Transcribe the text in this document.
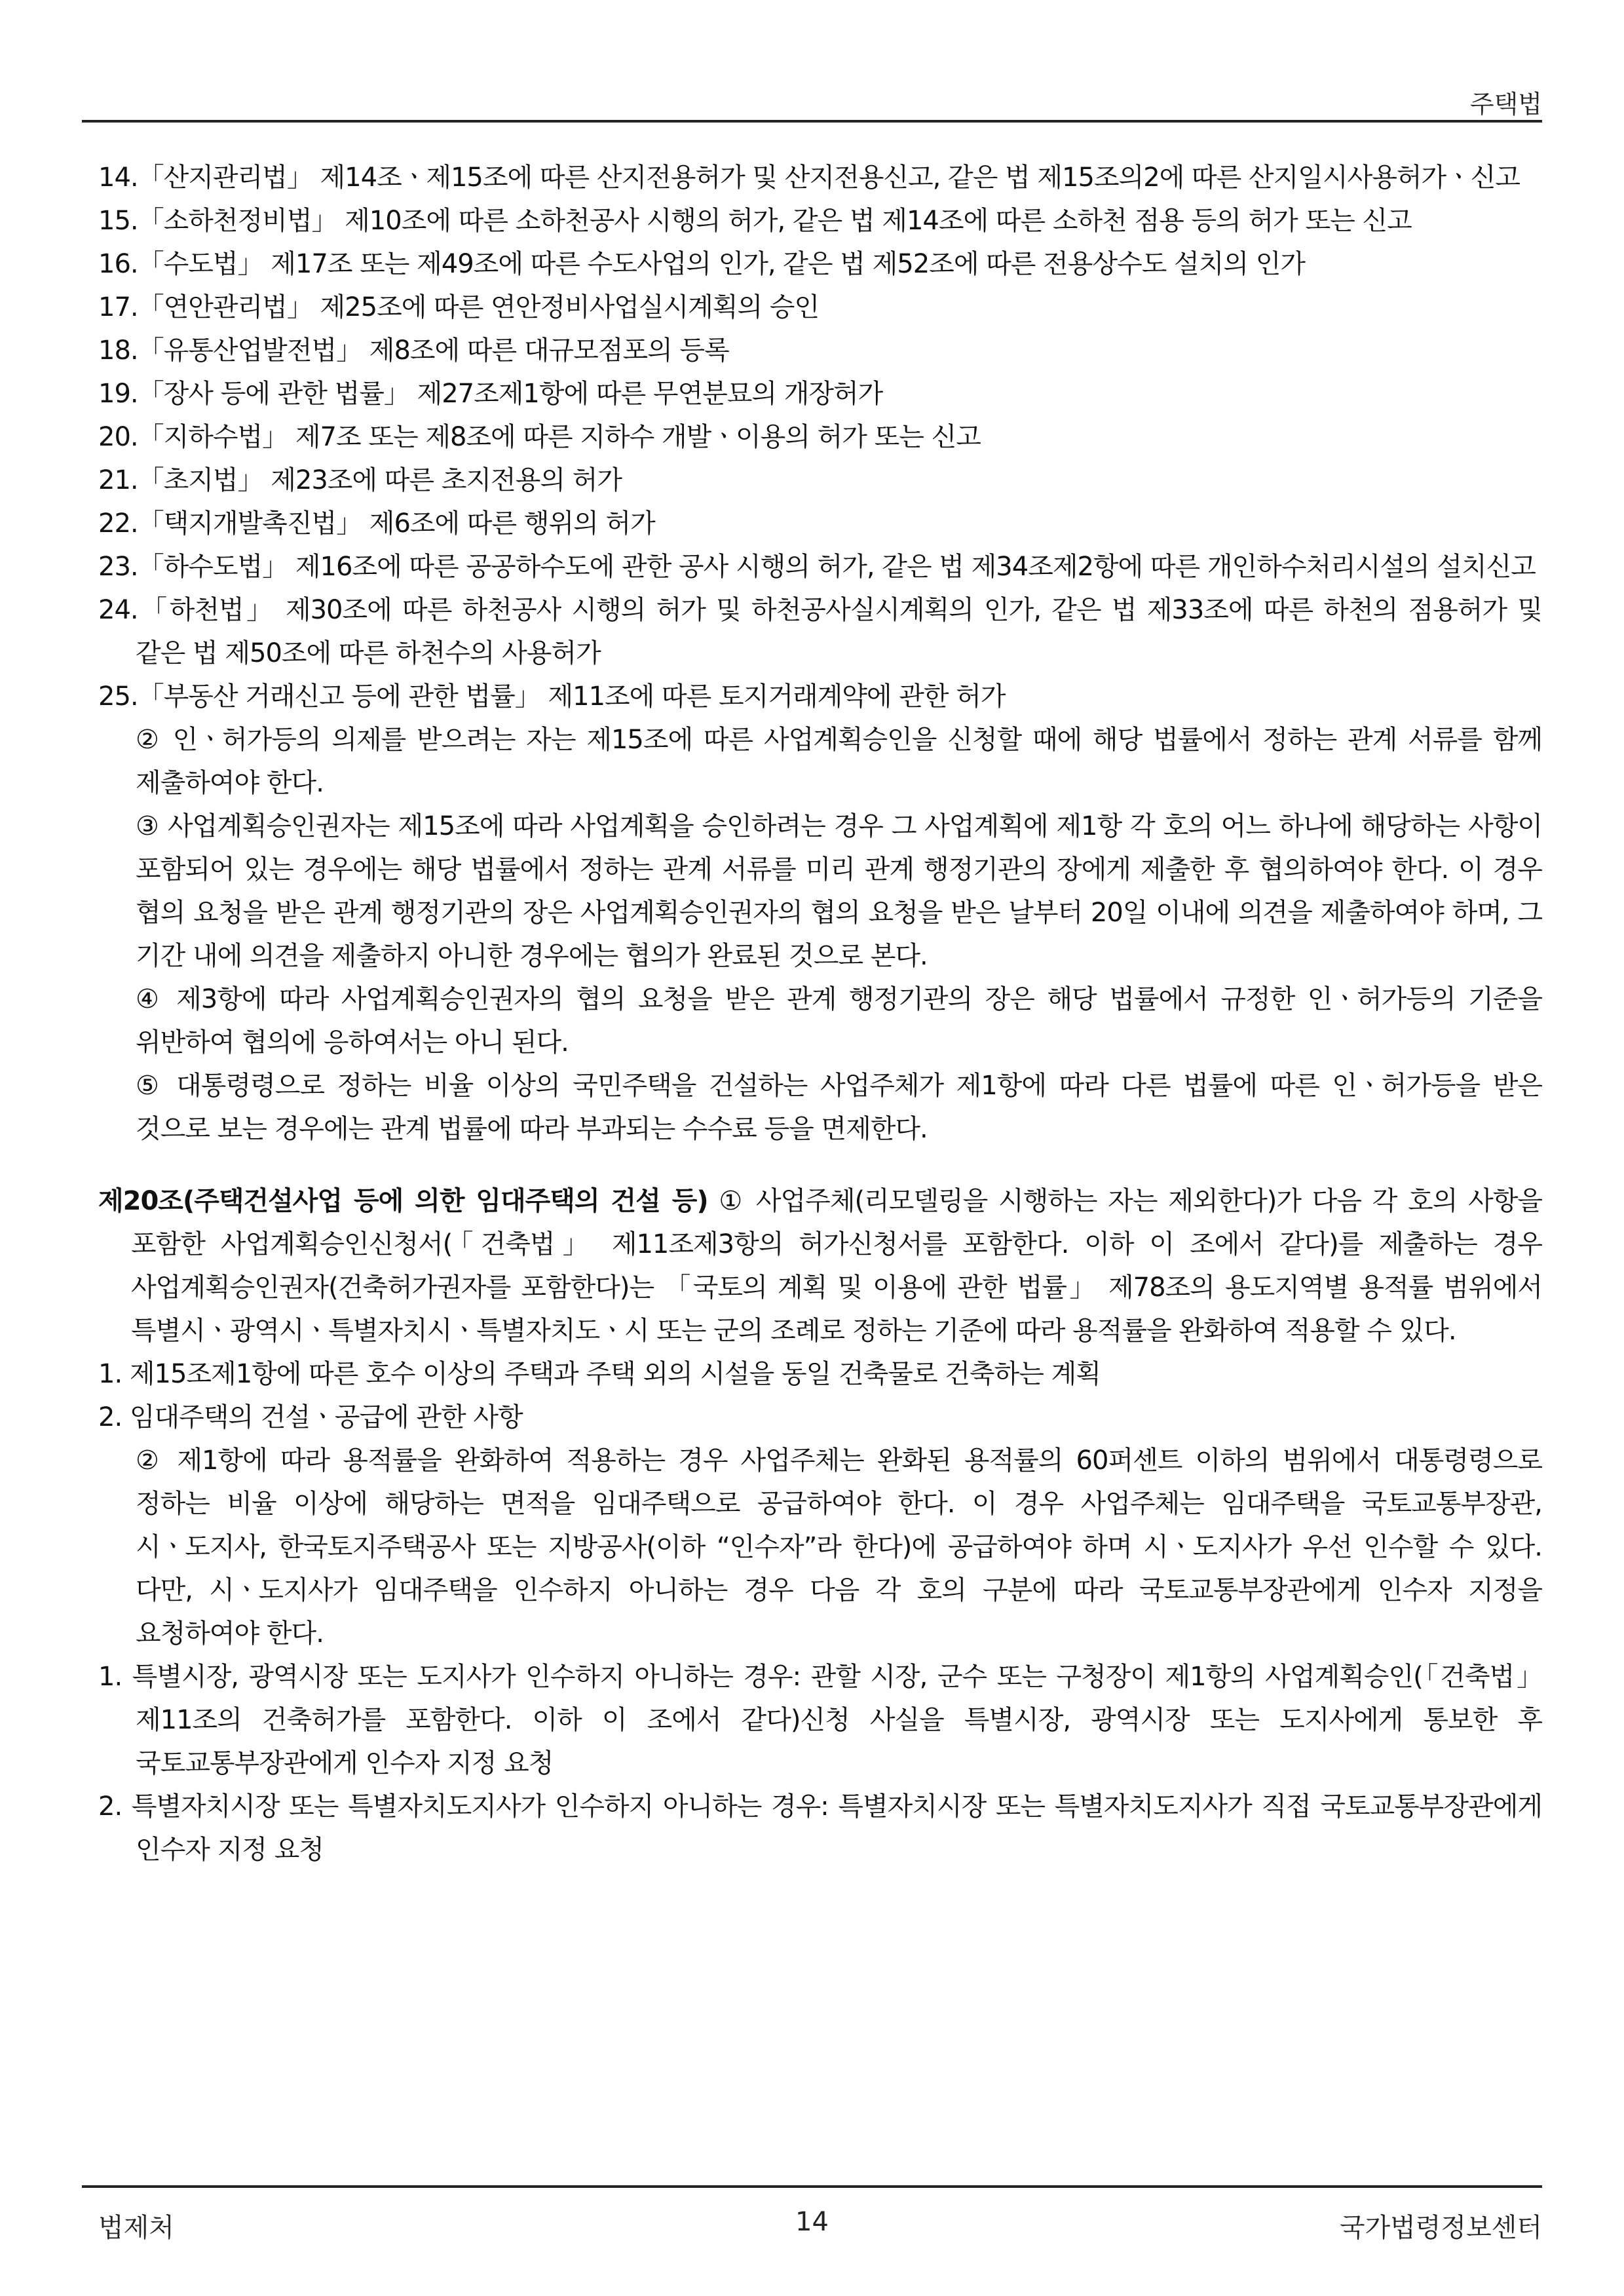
주택법

14.「산지관리법」 제14조ㆍ제15조에 따른 산지전용허가 및 산지전용신고, 같은 법 제15조의2에 따른 산지일시사용허가ㆍ신고

15.「소하천정비법」 제10조에 따른 소하천공사 시행의 허가, 같은 법 제14조에 따른 소하천 점용 등의 허가 또는 신고

16.「수도법」 제17조 또는 제49조에 따른 수도사업의 인가, 같은 법 제52조에 따른 전용상수도 설치의 인가

17.「연안관리법」 제25조에 따른 연안정비사업실시계획의 승인

18.「유통산업발전법」 제8조에 따른 대규모점포의 등록

19.「장사 등에 관한 법률」 제27조제1항에 따른 무연분묘의 개장허가

20.「지하수법」 제7조 또는 제8조에 따른 지하수 개발ㆍ이용의 허가 또는 신고

21.「초지법」 제23조에 따른 초지전용의 허가

22.「택지개발촉진법」 제6조에 따른 행위의 허가

23.「하수도법」 제16조에 따른 공공하수도에 관한 공사 시행의 허가, 같은 법 제34조제2항에 따른 개인하수처리시설의 설치신고

24.「하천법」 제30조에 따른 하천공사 시행의 허가 및 하천공사실시계획의 인가, 같은 법 제33조에 따른 하천의 점용허가 및 같은 법 제50조에 따른 하천수의 사용허가

25.「부동산 거래신고 등에 관한 법률」 제11조에 따른 토지거래계약에 관한 허가

② 인ㆍ허가등의 의제를 받으려는 자는 제15조에 따른 사업계획승인을 신청할 때에 해당 법률에서 정하는 관계 서류를 함께 제출하여야 한다.

③ 사업계획승인권자는 제15조에 따라 사업계획을 승인하려는 경우 그 사업계획에 제1항 각 호의 어느 하나에 해당하는 사항이 포함되어 있는 경우에는 해당 법률에서 정하는 관계 서류를 미리 관계 행정기관의 장에게 제출한 후 협의하여야 한다. 이 경우 협의 요청을 받은 관계 행정기관의 장은 사업계획승인권자의 협의 요청을 받은 날부터 20일 이내에 의견을 제출하여야 하며, 그 기간 내에 의견을 제출하지 아니한 경우에는 협의가 완료된 것으로 본다.

④ 제3항에 따라 사업계획승인권자의 협의 요청을 받은 관계 행정기관의 장은 해당 법률에서 규정한 인ㆍ허가등의 기준을 위반하여 협의에 응하여서는 아니 된다.

⑤ 대통령령으로 정하는 비율 이상의 국민주택을 건설하는 사업주체가 제1항에 따라 다른 법률에 따른 인ㆍ허가등을 받은 것으로 보는 경우에는 관계 법률에 따라 부과되는 수수료 등을 면제한다.

제20조(주택건설사업 등에 의한 임대주택의 건설 등) ① 사업주체(리모델링을 시행하는 자는 제외한다)가 다음 각 호의 사항을 포함한 사업계획승인신청서(「건축법」 제11조제3항의 허가신청서를 포함한다. 이하 이 조에서 같다)를 제출하는 경우 사업계획승인권자(건축허가권자를 포함한다)는 「국토의 계획 및 이용에 관한 법률」 제78조의 용도지역별 용적률 범위에서 특별시ㆍ광역시ㆍ특별자치시ㆍ특별자치도ㆍ시 또는 군의 조례로 정하는 기준에 따라 용적률을 완화하여 적용할 수 있다.

1. 제15조제1항에 따른 호수 이상의 주택과 주택 외의 시설을 동일 건축물로 건축하는 계획

2. 임대주택의 건설ㆍ공급에 관한 사항

② 제1항에 따라 용적률을 완화하여 적용하는 경우 사업주체는 완화된 용적률의 60퍼센트 이하의 범위에서 대통령령으로 정하는 비율 이상에 해당하는 면적을 임대주택으로 공급하여야 한다. 이 경우 사업주체는 임대주택을 국토교통부장관, 시ㆍ도지사, 한국토지주택공사 또는 지방공사(이하 “인수자”라 한다)에 공급하여야 하며 시ㆍ도지사가 우선 인수할 수 있다. 다만, 시ㆍ도지사가 임대주택을 인수하지 아니하는 경우 다음 각 호의 구분에 따라 국토교통부장관에게 인수자 지정을 요청하여야 한다.

1. 특별시장, 광역시장 또는 도지사가 인수하지 아니하는 경우: 관할 시장, 군수 또는 구청장이 제1항의 사업계획승인(「건축법」 제11조의 건축허가를 포함한다. 이하 이 조에서 같다)신청 사실을 특별시장, 광역시장 또는 도지사에게 통보한 후 국토교통부장관에게 인수자 지정 요청

2. 특별자치시장 또는 특별자치도지사가 인수하지 아니하는 경우: 특별자치시장 또는 특별자치도지사가 직접 국토교통부장관에게 인수자 지정 요청

법제처	14	국가법령정보센터
